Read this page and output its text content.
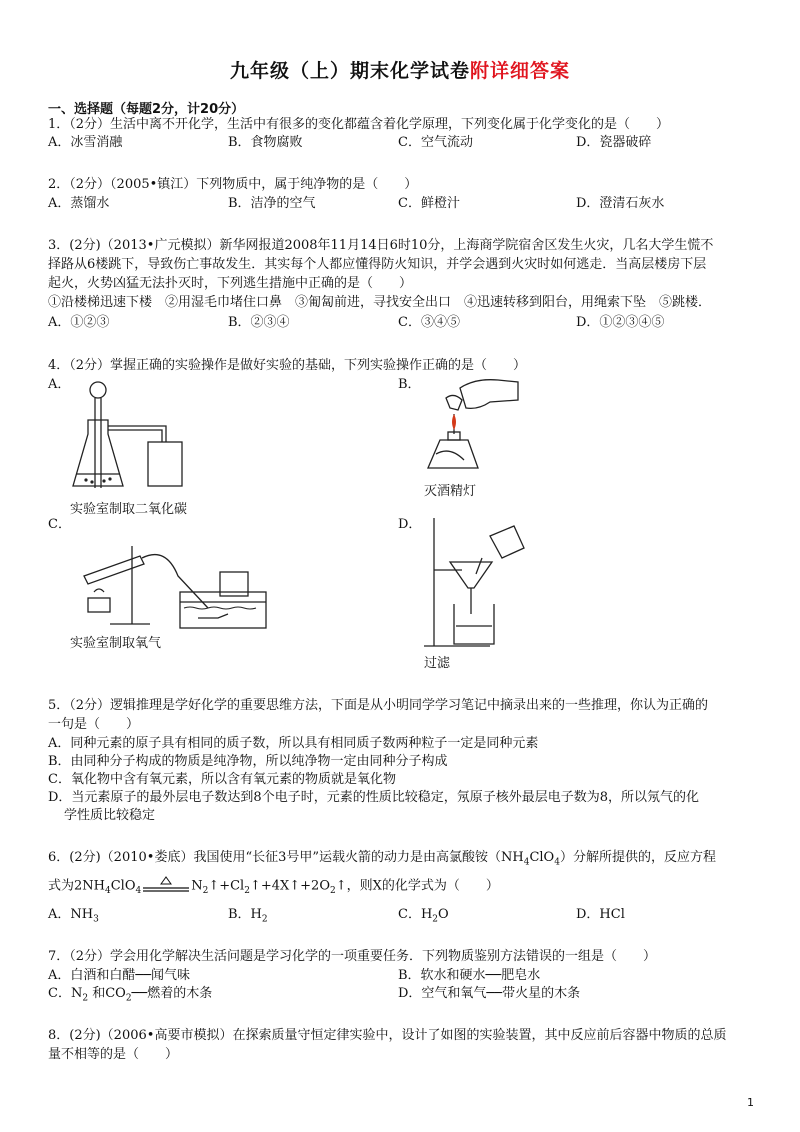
九年级（上）期末化学试卷附详细答案
一、选择题（每题2分，计20分）
1．（2分）生活中离不开化学，生活中有很多的变化都蕴含着化学原理，下列变化属于化学变化的是（　　）
A．冰雪消融	B．食物腐败	C．空气流动	D．瓷器破碎
2．（2分）（2005•镇江）下列物质中，属于纯净物的是（　　）
A．蒸馏水	B．洁净的空气	C．鲜橙汁	D．澄清石灰水
3．(2分)（2013•广元模拟）新华网报道2008年11月14日6时10分，上海商学院宿舍区发生火灾，几名大学生慌不
择路从6楼跳下，导致伤亡事故发生．其实每个人都应懂得防火知识，并学会遇到火灾时如何逃走．当高层楼房下层
起火，火势凶猛无法扑灭时，下列逃生措施中正确的是（　　）
①沿楼梯迅速下楼　②用湿毛巾堵住口鼻　③匍匐前进，寻找安全出口　④迅速转移到阳台，用绳索下坠　⑤跳楼．
A．①②③	B．②③④	C．③④⑤	D．①②③④⑤
4．（2分）掌握正确的实验操作是做好实验的基础，下列实验操作正确的是（　　）
A．	B．
实验室制取二氧化碳
灭酒精灯
C．	D．
实验室制取氧气
过滤
5．（2分）逻辑推理是学好化学的重要思维方法，下面是从小明同学学习笔记中摘录出来的一些推理，你认为正确的
一句是（　　）
A．同种元素的原子具有相同的质子数，所以具有相同质子数两种粒子一定是同种元素
B．由同种分子构成的物质是纯净物，所以纯净物一定由同种分子构成
C．氧化物中含有氧元素，所以含有氧元素的物质就是氧化物
D．当元素原子的最外层电子数达到8个电子时，元素的性质比较稳定，氖原子核外最层电子数为8，所以氖气的化
学性质比较稳定
6．(2分)（2010•娄底）我国使用“长征3号甲”运载火箭的动力是由高氯酸铵$(NH_4ClO_4)$分解所提供的，反应方程
式为$2NH_4ClO_4$	$N_2↑+Cl_2↑+4X↑+2O_2↑$，则X的化学式为（　　）
A．$NH_3$	B．$H_2$	C．$H_2O$	D．HCl
7．（2分）学会用化学解决生活问题是学习化学的一项重要任务．下列物质鉴别方法错误的一组是（　　）
A．白酒和白醋──闻气味	B．软水和硬水──肥皂水
C．$N_2$ 和$CO_2──$燃着的木条	D．空气和氧气──带火星的木条
8．(2分)（2006•高要市模拟）在探索质量守恒定律实验中，设计了如图的实验装置，其中反应前后容器中物质的总质
量不相等的是（　　）
1
